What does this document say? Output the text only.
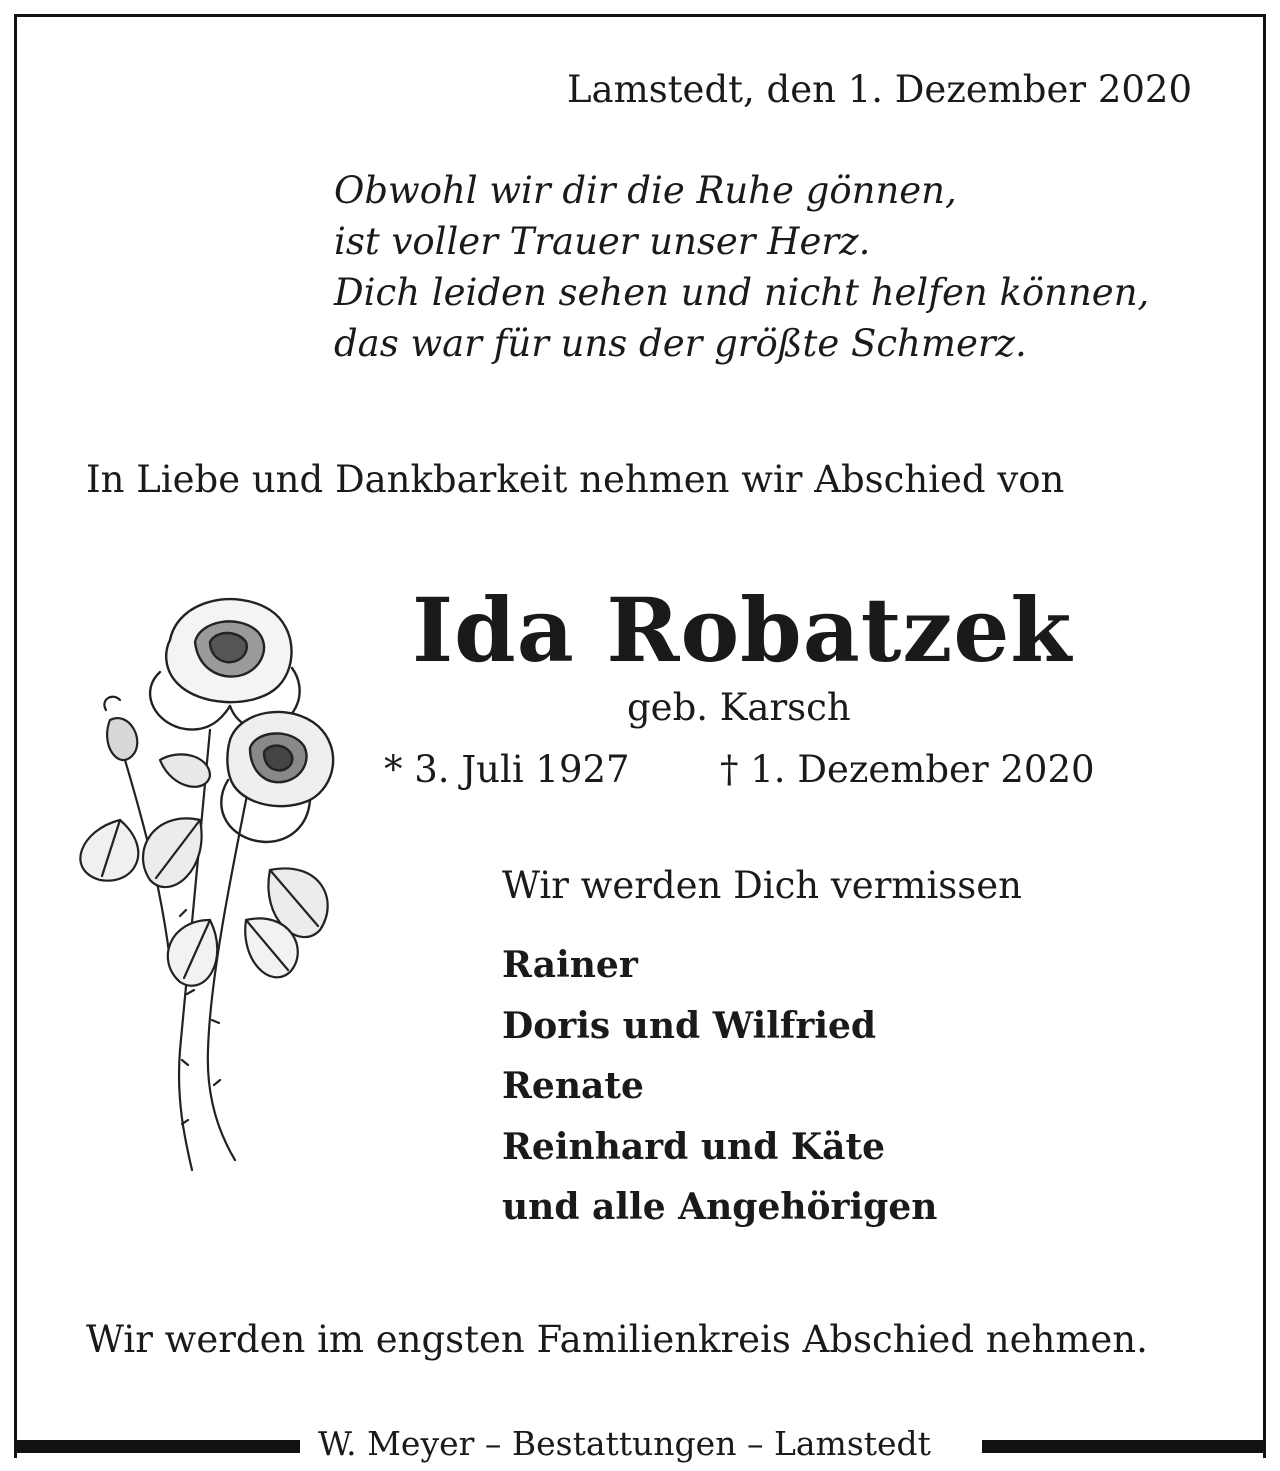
Lamstedt, den 1. Dezember 2020
Obwohl wir dir die Ruhe gönnen,
ist voller Trauer unser Herz.
Dich leiden sehen und nicht helfen können,
das war für uns der größte Schmerz.
In Liebe und Dankbarkeit nehmen wir Abschied von
Ida Robatzek
geb. Karsch
* 3. Juli 1927 † 1. Dezember 2020
Wir werden Dich vermissen
Rainer
Doris und Wilfried
Renate
Reinhard und Käte
und alle Angehörigen
Wir werden im engsten Familienkreis Abschied nehmen.
W. Meyer – Bestattungen – Lamstedt
